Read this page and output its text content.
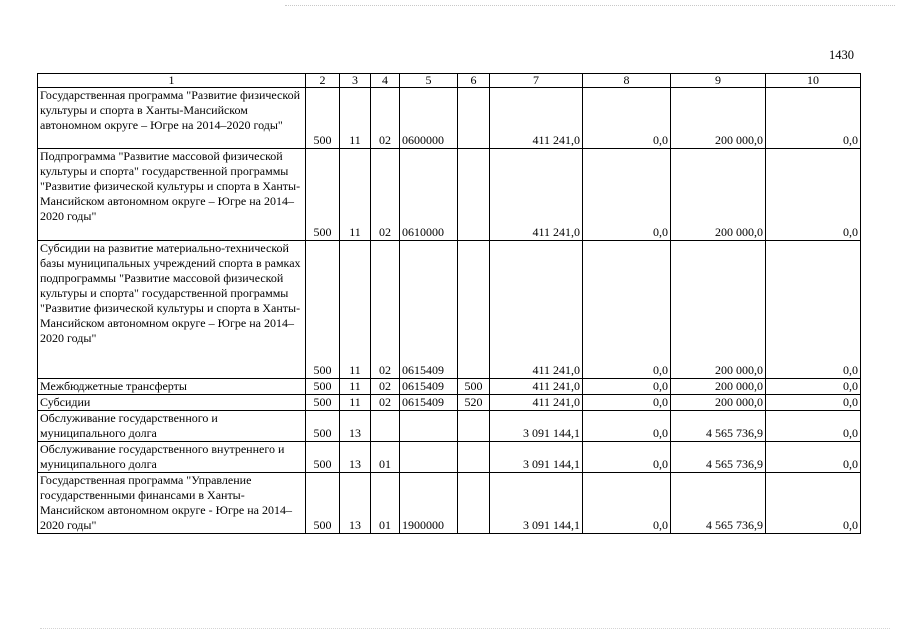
1430
1	2	3	4	5	6	7	8	9	10

Государственная программа "Развитие физической культуры и спорта в Ханты-Мансийском автономном округе – Югре на 2014–2020 годы"	500	11	02	0600000		411 241,0	0,0	200 000,0	0,0

Подпрограмма "Развитие массовой физической культуры и спорта" государственной программы "Развитие физической культуры и спорта в Ханты-Мансийском автономном округе – Югре на 2014–2020 годы"	500	11	02	0610000		411 241,0	0,0	200 000,0	0,0

Субсидии на развитие материально-технической базы муниципальных учреждений спорта в рамках подпрограммы "Развитие массовой физической культуры и спорта" государственной программы "Развитие физической культуры и спорта в Ханты-Мансийском автономном округе – Югре на 2014–2020 годы"	500	11	02	0615409		411 241,0	0,0	200 000,0	0,0

Межбюджетные трансферты	500	11	02	0615409	500	411 241,0	0,0	200 000,0	0,0

Субсидии	500	11	02	0615409	520	411 241,0	0,0	200 000,0	0,0

Обслуживание государственного и муниципального долга	500	13				3 091 144,1	0,0	4 565 736,9	0,0

Обслуживание государственного внутреннего и муниципального долга	500	13	01			3 091 144,1	0,0	4 565 736,9	0,0

Государственная программа "Управление государственными финансами в Ханты-Мансийском автономном округе - Югре на 2014–2020 годы"	500	13	01	1900000		3 091 144,1	0,0	4 565 736,9	0,0
